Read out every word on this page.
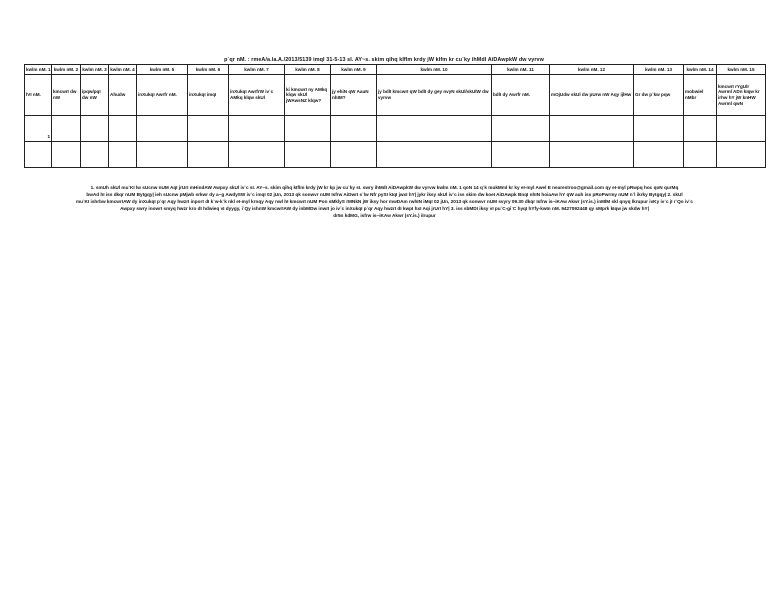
p`qr nM. : rmeA/a.la.A./2013/5139 imqI 31-5-13 sI. AY~s. skim qihq kIflm krdy jW kIfm kr cu`ky ihMdI AiDAwpkW dw vyrvw
kwlm nM. 1	kwlm nM. 2	kwlm nM. 3	kwlm nM. 4	kwlm nM. 5	kwlm nM. 6	kwlm nM. 7	kwlm nM. 8	kwlm nM. 9	kwlm nM. 10	kwlm nM. 11	kwlm nM. 12	kwlm nM. 13	kwlm nM. 14	kwlm nM. 15
lVI nM.	kmcwrI dw nW	ipqw/pqI dw nW	Ahudw	inXukqI Awrfr nM.	inXukqI imqI	inXukqI AwrfrW iv`c AMkq klqw skUl	ki kmcwrI ny AMkq klqw skUl jWAwsNZ klqw?	jy ehiN qW AauN nhIM?	jy bdlI kmcwrI qW bdlI dy gey nvyN skUl/skUlW dw vyrvw	bdlI dy Awrfr nM.	mOjUdw skUl dw pUrw nW Aqy ijlHw	Gr dw p`kw pqw	mobwiel nMbr	kmcwrI rYgUlr Awrml ADn kIqw kr irhw hY jW knHW Awrml qwN
1														

1. smUh skUl mu`KI lw sUcnw nUM AqI jrUrI mHindAW Awpxy skUl iv`c sI. AY~s. skim qihq kIflm krdy jW kr kp jw cu`ky sI. swry ihMdI AiDAwpkW dw vyrvw kwlm nM. 1 qoN 14 q`k mukMml kr ky eI-myl Awel E nearestroo@gmail.com qy eI-myl pRwpq hoc qoN qurMq
bwAd hI iss dkqr nUM Bytgqy| ieh sUcnw pMjwb srkwr dy a~g AwdySW iv`c imqI 02 jUn, 2013 qk sonwvr nUM Isfrw AiDwrI s`lw Nfr pySI kIqI jwxI hY| jykr iksy skUl iv`c iss skim dw koeI AiDAwpk BnqI nhIN hoiaAw hY qW auh iss pRoPwrmy nUM n`l ikrky Bytgqy| 2. skUl
mu`KI ishrbw kmcwrIAW dy inXukqI p`qr Aqy hwzrI inport dI k`w-k`k nkl eI-myl krnqy Aqy nwl hI kmcwrI nUM Pon sMklyS rMNkN jW iksy hor mwDAm rwhIN iMqI 02 jUn, 2013 qk sonwvr nUM svyry 09.30 dkqr Isfrw is~iKAw Akwr (sY.is.) inMlM skl qnyq lkrupur ivKy iv`c jI r`Qo iv`c
Awpxy swry inowrI smyq hwzr kro dI hdwieq vI dyygy, i`Qy ishnW kmcwrIAW dy inbMDw inwrI jo iv`c inXukqI p`qr Aqy hwzrI dI kwpI hxI Aqi jrUrI hY| 3. iss sbMDI iksy vI pu`C-gi`C hyqI hYfy-kwIn nM. 9427092448 qy sMprk kIqw jw skdw hY|
dr5n kdMG, isfrw is~iKAw Akwr (sY.is.) ilrupur
